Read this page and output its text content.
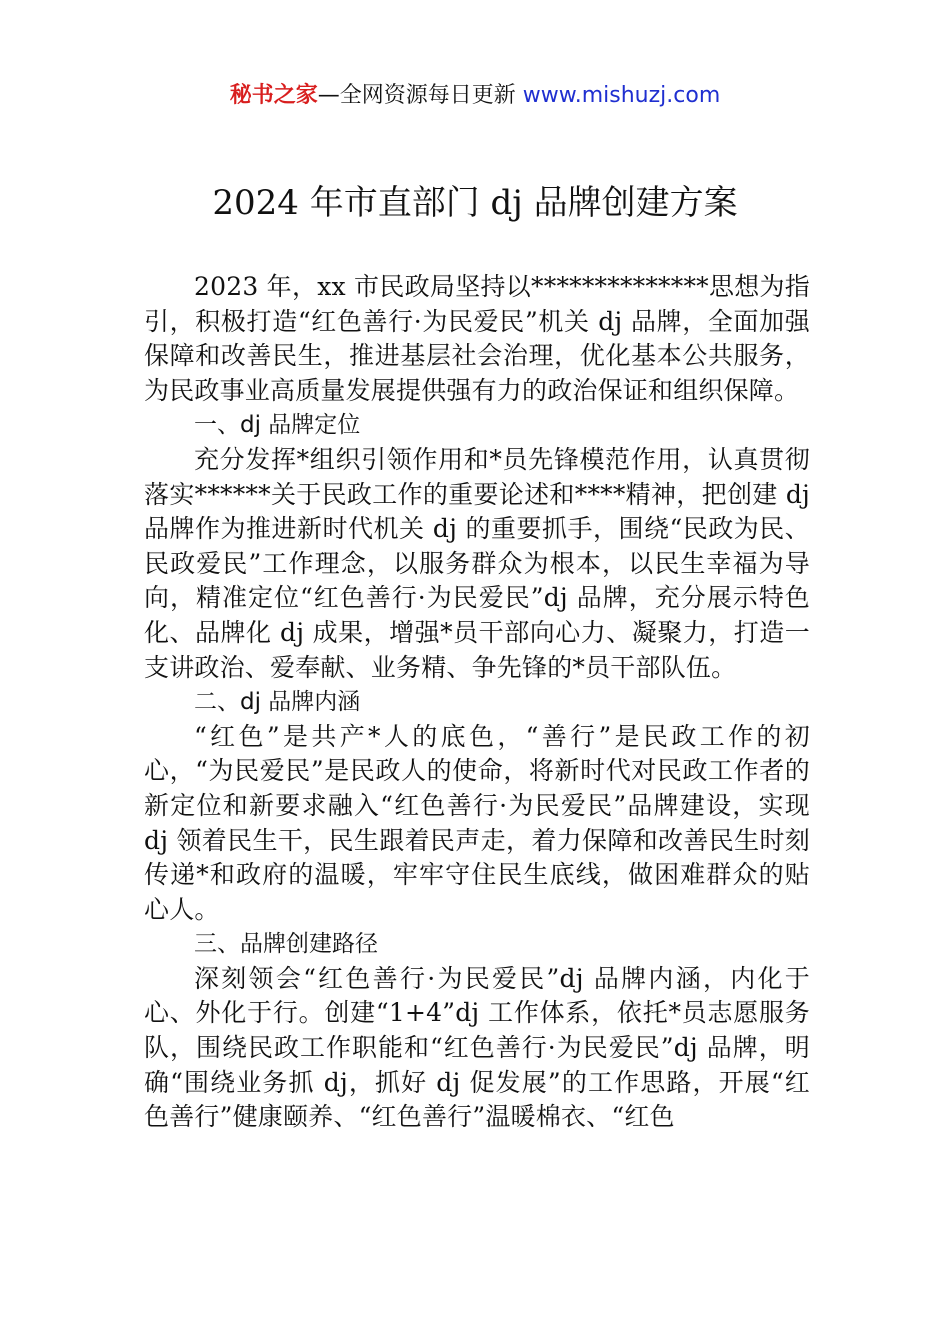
秘书之家—全网资源每日更新 www.mishuzj.com
2024 年市直部门 dj 品牌创建方案

2023 年，xx 市民政局坚持以**************思想为指引，积极打造“红色善行·为民爱民”机关 dj 品牌，全面加强保障和改善民生，推进基层社会治理，优化基本公共服务，为民政事业高质量发展提供强有力的政治保证和组织保障。

一、dj 品牌定位

充分发挥*组织引领作用和*员先锋模范作用，认真贯彻落实******关于民政工作的重要论述和****精神，把创建 dj 品牌作为推进新时代机关 dj 的重要抓手，围绕“民政为民、民政爱民”工作理念，以服务群众为根本，以民生幸福为导向，精准定位“红色善行·为民爱民”dj 品牌，充分展示特色化、品牌化 dj 成果，增强*员干部向心力、凝聚力，打造一支讲政治、爱奉献、业务精、争先锋的*员干部队伍。

二、dj 品牌内涵

“红色”是共产*人的底色，“善行”是民政工作的初心，“为民爱民”是民政人的使命，将新时代对民政工作者的新定位和新要求融入“红色善行·为民爱民”品牌建设，实现 dj 领着民生干，民生跟着民声走，着力保障和改善民生时刻传递*和政府的温暖，牢牢守住民生底线，做困难群众的贴心人。

三、品牌创建路径

深刻领会“红色善行·为民爱民”dj 品牌内涵，内化于心、外化于行。创建“1+4”dj 工作体系，依托*员志愿服务队，围绕民政工作职能和“红色善行·为民爱民”dj 品牌，明确“围绕业务抓 dj，抓好 dj 促发展”的工作思路，开展“红色善行”健康颐养、“红色善行”温暖棉衣、“红色
